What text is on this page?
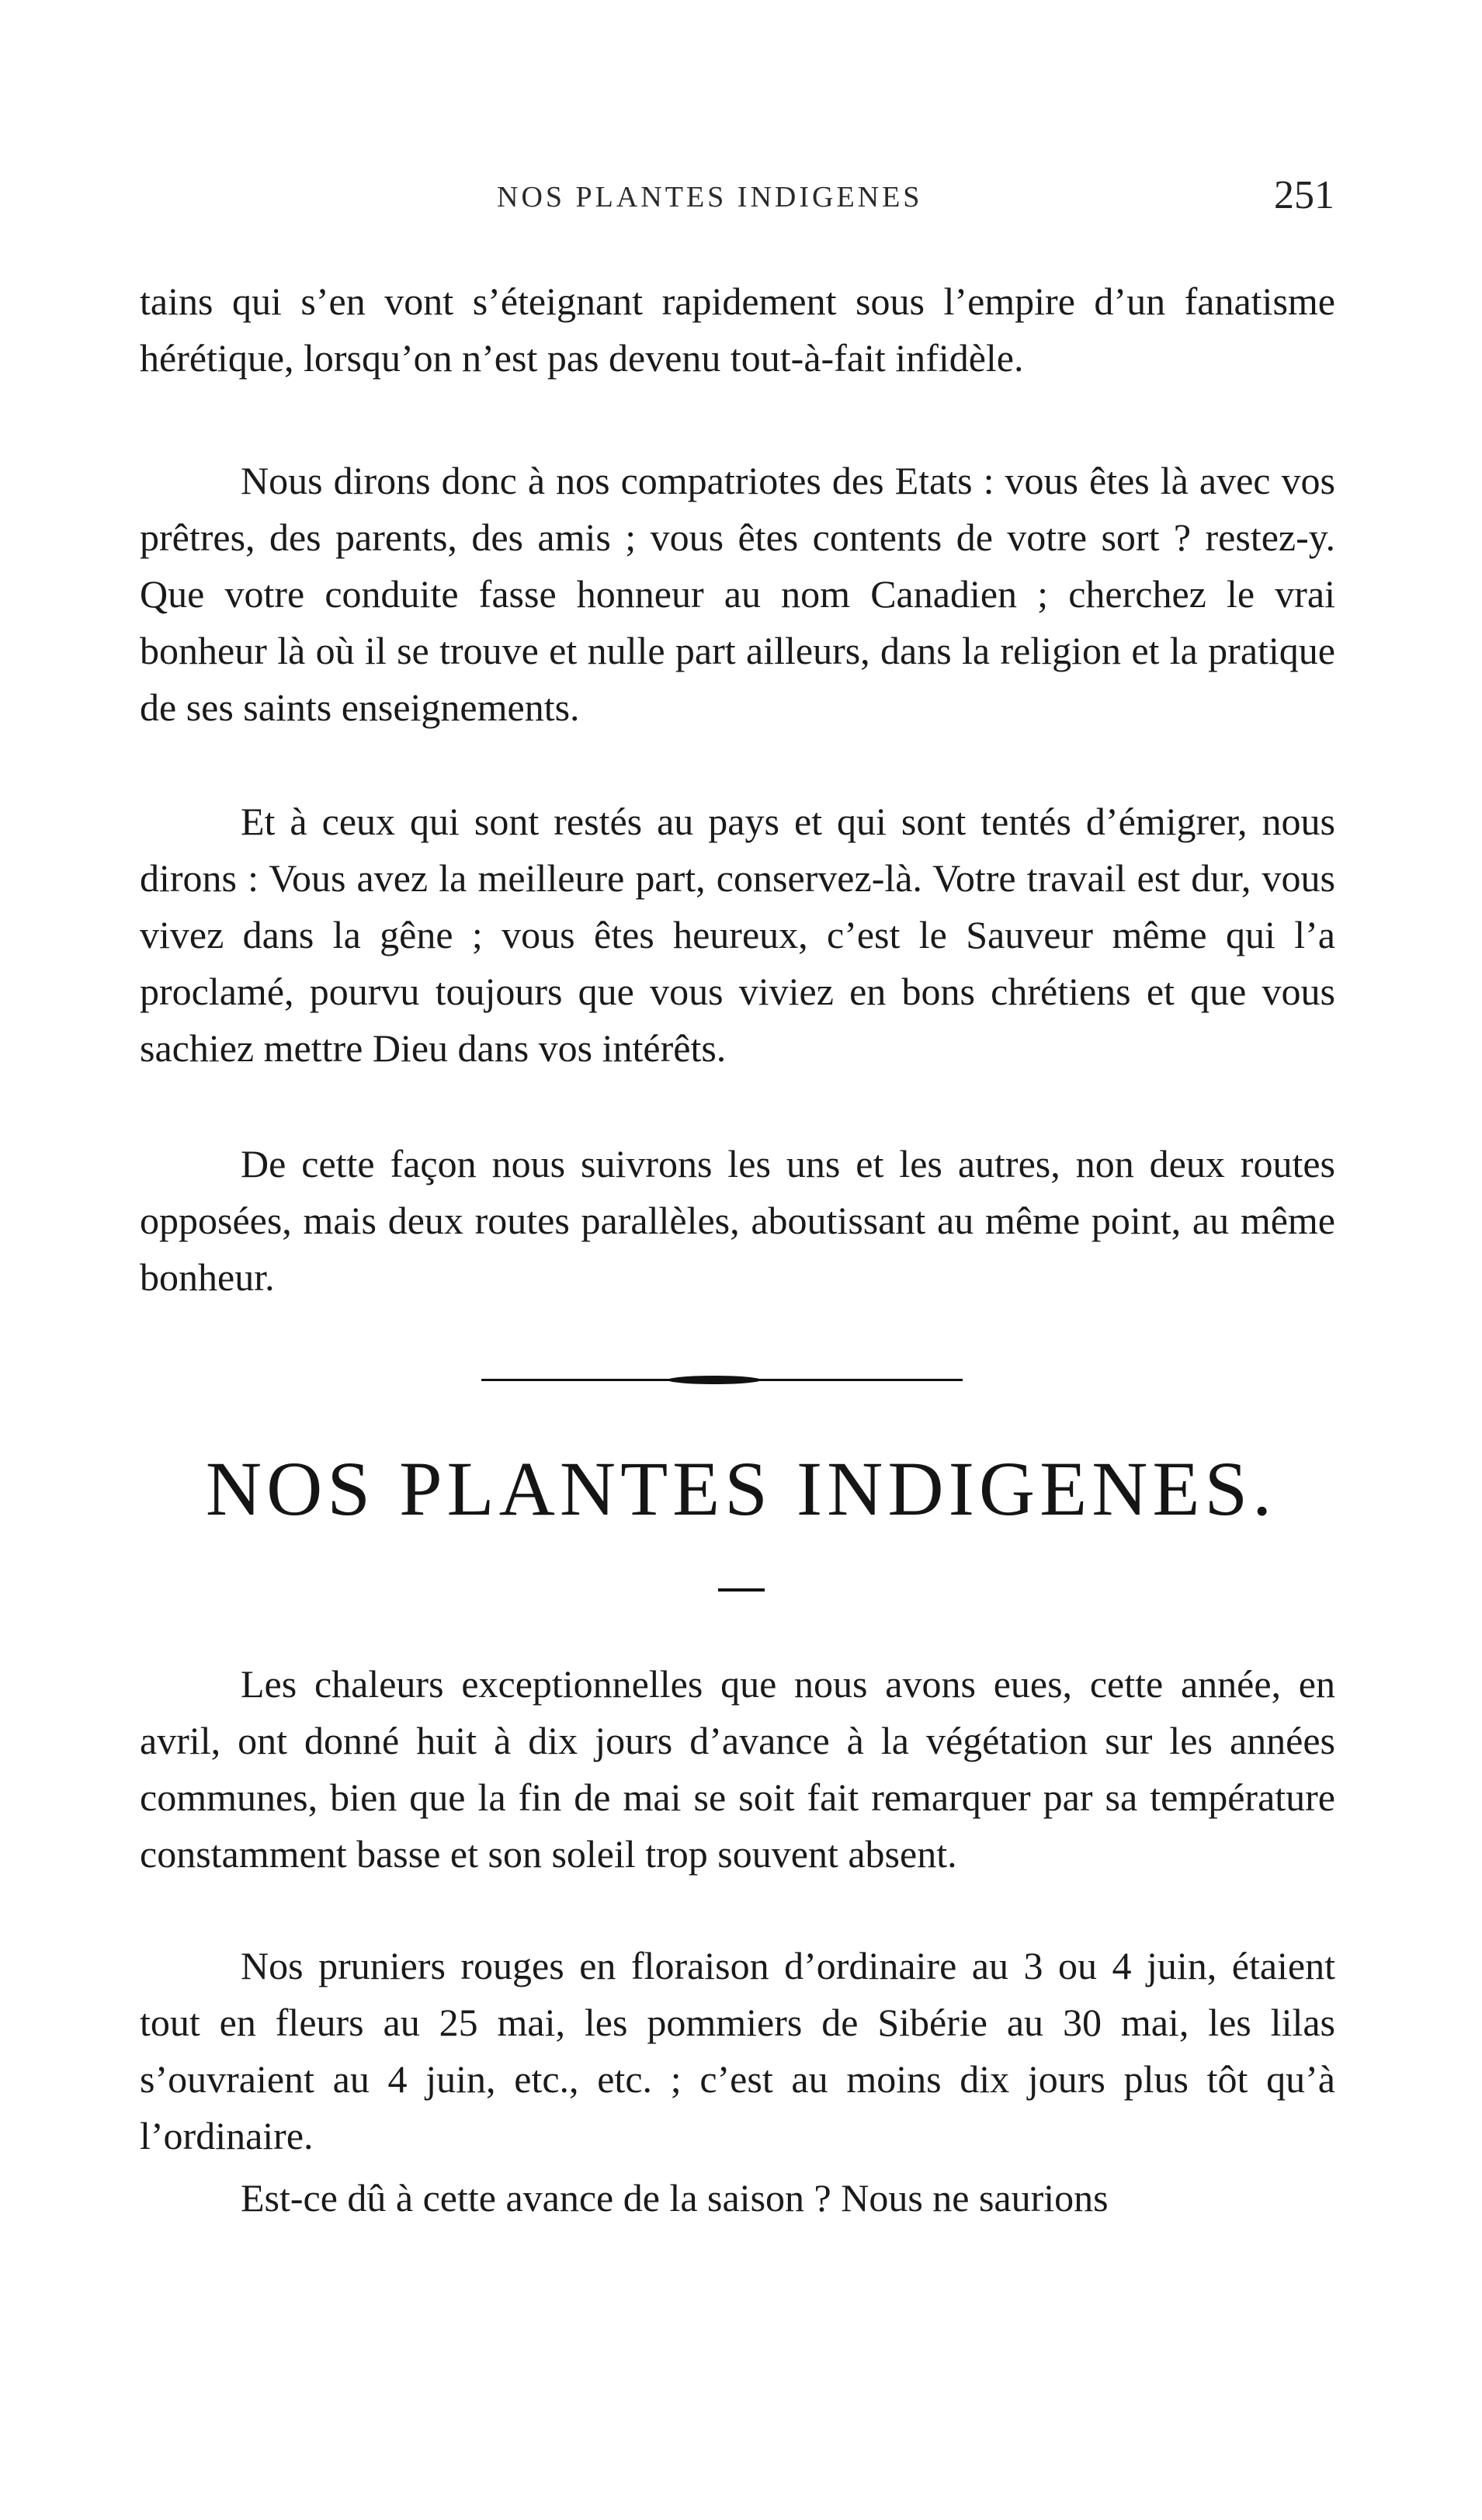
NOS PLANTES INDIGENES	251

tains qui s’en vont s’éteignant rapidement sous l’empire d’un fanatisme hérétique, lorsqu’on n’est pas devenu tout-à-fait infidèle.

Nous dirons donc à nos compatriotes des Etats : vous êtes là avec vos prêtres, des parents, des amis ; vous êtes contents de votre sort ? restez-y. Que votre conduite fasse honneur au nom Canadien ; cherchez le vrai bonheur là où il se trouve et nulle part ailleurs, dans la religion et la pratique de ses saints enseignements.

Et à ceux qui sont restés au pays et qui sont tentés d’émigrer, nous dirons : Vous avez la meilleure part, conservez-là. Votre travail est dur, vous vivez dans la gêne ; vous êtes heureux, c’est le Sauveur même qui l’a proclamé, pourvu toujours que vous viviez en bons chrétiens et que vous sachiez mettre Dieu dans vos intérêts.

De cette façon nous suivrons les uns et les autres, non deux routes opposées, mais deux routes parallèles, aboutissant au même point, au même bonheur.

NOS PLANTES INDIGENES.

Les chaleurs exceptionnelles que nous avons eues, cette année, en avril, ont donné huit à dix jours d’avance à la végétation sur les années communes, bien que la fin de mai se soit fait remarquer par sa température constamment basse et son soleil trop souvent absent.

Nos pruniers rouges en floraison d’ordinaire au 3 ou 4 juin, étaient tout en fleurs au 25 mai, les pommiers de Sibérie au 30 mai, les lilas s’ouvraient au 4 juin, etc., etc. ; c’est au moins dix jours plus tôt qu’à l’ordinaire.

Est-ce dû à cette avance de la saison ? Nous ne saurions
